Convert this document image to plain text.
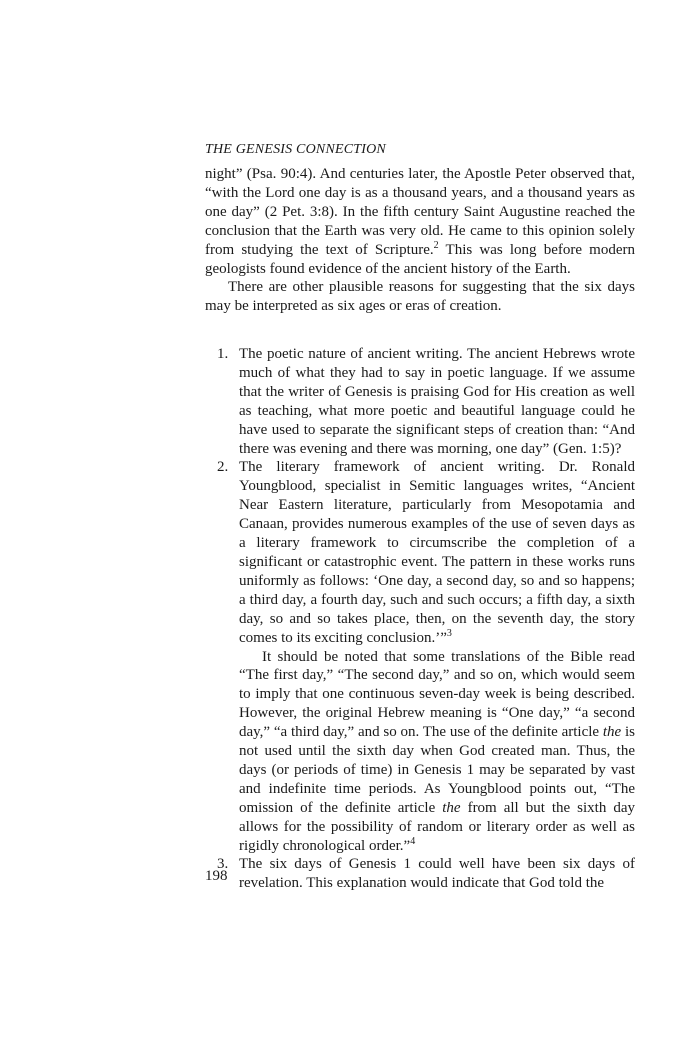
THE GENESIS CONNECTION

night” (Psa. 90:4). And centuries later, the Apostle Peter observed that, “with the Lord one day is as a thousand years, and a thousand years as one day” (2 Pet. 3:8). In the fifth century Saint Augustine reached the conclusion that the Earth was very old. He came to this opinion solely from studying the text of Scripture.$^2$ This was long before modern geologists found evidence of the ancient history of the Earth.

There are other plausible reasons for suggesting that the six days may be interpreted as six ages or eras of creation.

1. The poetic nature of ancient writing. The ancient Hebrews wrote much of what they had to say in poetic language. If we assume that the writer of Genesis is praising God for His creation as well as teaching, what more poetic and beautiful language could he have used to separate the significant steps of creation than: “And there was evening and there was morning, one day” (Gen. 1:5)?

2. The literary framework of ancient writing. Dr. Ronald Youngblood, specialist in Semitic languages writes, “Ancient Near Eastern literature, particularly from Mesopotamia and Canaan, provides numerous examples of the use of seven days as a literary framework to circumscribe the completion of a significant or catastrophic event. The pattern in these works runs uniformly as follows: ‘One day, a second day, so and so happens; a third day, a fourth day, such and such occurs; a fifth day, a sixth day, so and so takes place, then, on the seventh day, the story comes to its exciting conclusion.’”$^3$

It should be noted that some translations of the Bible read “The first day,” “The second day,” and so on, which would seem to imply that one continuous seven-day week is being described. However, the original Hebrew meaning is “One day,” “a second day,” “a third day,” and so on. The use of the definite article the is not used until the sixth day when God created man. Thus, the days (or periods of time) in Genesis 1 may be separated by vast and indefinite time periods. As Youngblood points out, “The omission of the definite article the from all but the sixth day allows for the possibility of random or literary order as well as rigidly chronological order.”$^4$

3. The six days of Genesis 1 could well have been six days of revelation. This explanation would indicate that God told the

198
